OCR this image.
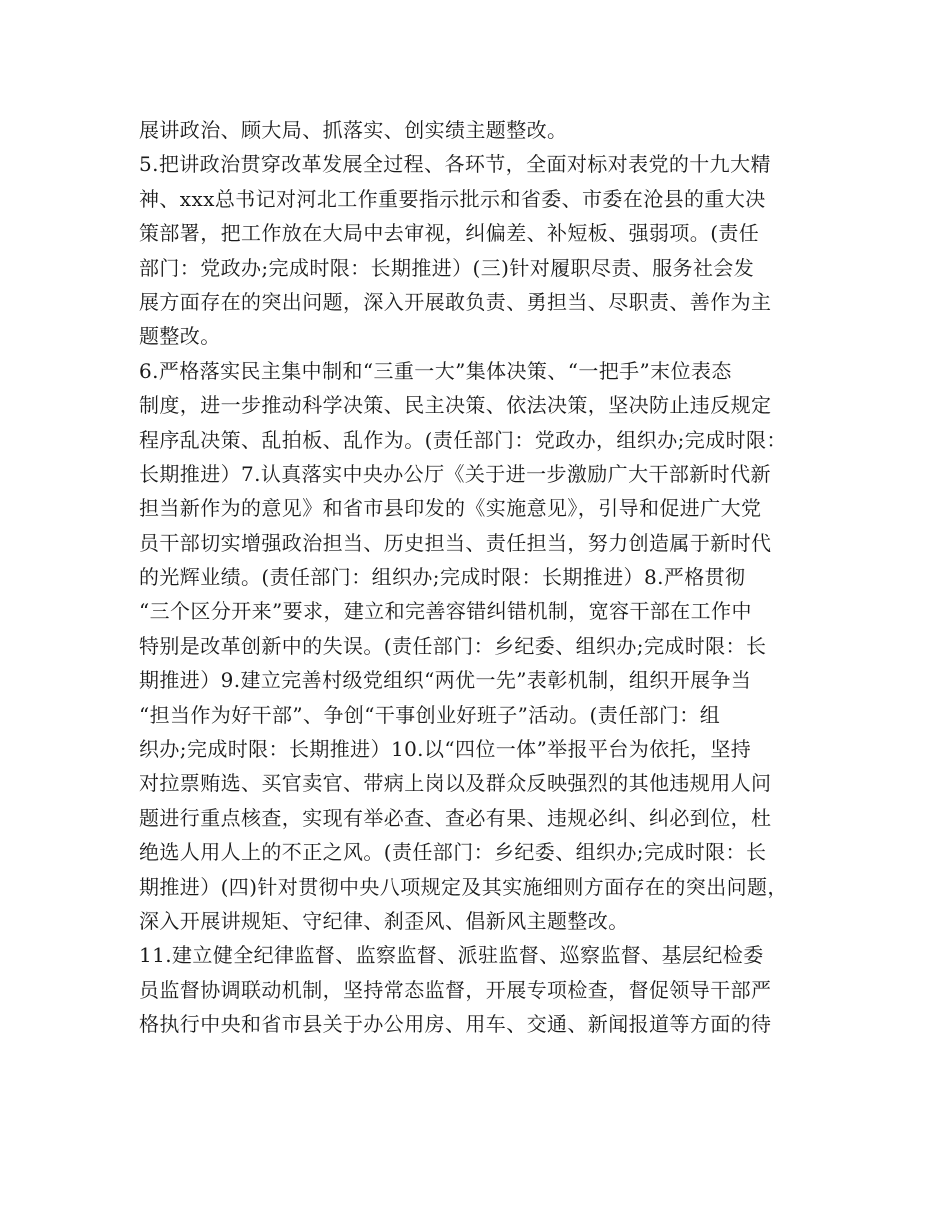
展讲政治、顾大局、抓落实、创实绩主题整改。
5.把讲政治贯穿改革发展全过程、各环节，全面对标对表党的十九大精
神、xxx总书记对河北工作重要指示批示和省委、市委在沧县的重大决
策部署，把工作放在大局中去审视，纠偏差、补短板、强弱项。(责任
部门：党政办;完成时限：长期推进）(三)针对履职尽责、服务社会发
展方面存在的突出问题，深入开展敢负责、勇担当、尽职责、善作为主
题整改。
6.严格落实民主集中制和“三重一大”集体决策、“一把手”末位表态
制度，进一步推动科学决策、民主决策、依法决策，坚决防止违反规定
程序乱决策、乱拍板、乱作为。(责任部门：党政办，组织办;完成时限：
长期推进）7.认真落实中央办公厅《关于进一步激励广大干部新时代新
担当新作为的意见》和省市县印发的《实施意见》，引导和促进广大党
员干部切实增强政治担当、历史担当、责任担当，努力创造属于新时代
的光辉业绩。(责任部门：组织办;完成时限：长期推进）8.严格贯彻
“三个区分开来”要求，建立和完善容错纠错机制，宽容干部在工作中
特别是改革创新中的失误。(责任部门：乡纪委、组织办;完成时限：长
期推进）9.建立完善村级党组织“两优一先”表彰机制，组织开展争当
“担当作为好干部”、争创“干事创业好班子”活动。(责任部门：组
织办;完成时限：长期推进）10.以“四位一体”举报平台为依托，坚持
对拉票贿选、买官卖官、带病上岗以及群众反映强烈的其他违规用人问
题进行重点核查，实现有举必查、查必有果、违规必纠、纠必到位，杜
绝选人用人上的不正之风。(责任部门：乡纪委、组织办;完成时限：长
期推进）(四)针对贯彻中央八项规定及其实施细则方面存在的突出问题，
深入开展讲规矩、守纪律、刹歪风、倡新风主题整改。
11.建立健全纪律监督、监察监督、派驻监督、巡察监督、基层纪检委
员监督协调联动机制，坚持常态监督，开展专项检查，督促领导干部严
格执行中央和省市县关于办公用房、用车、交通、新闻报道等方面的待
